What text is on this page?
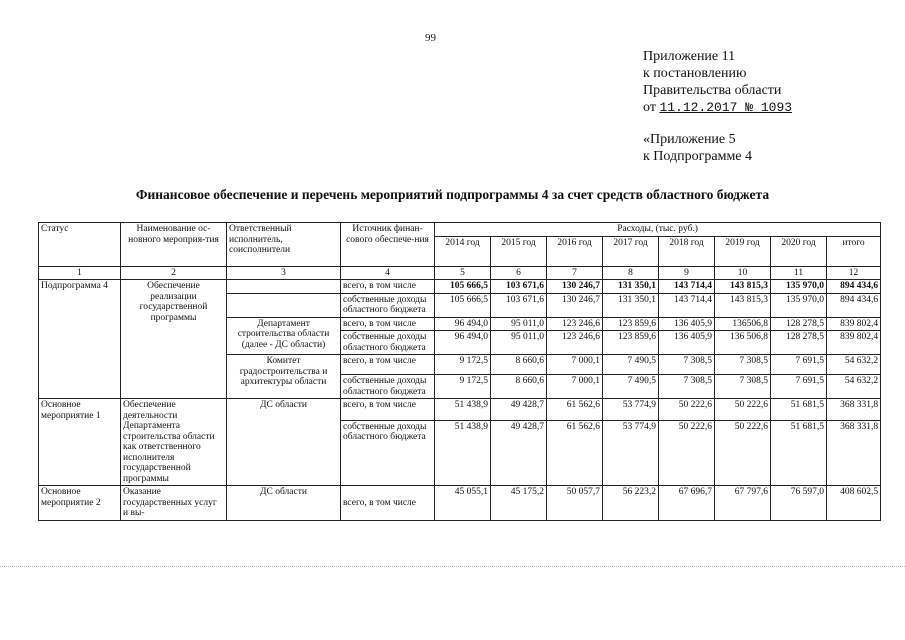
99
Приложение 11
к постановлению
Правительства области
от 11.12.2017 № 1093
«Приложение 5
к Подпрограмме 4
Финансовое обеспечение и перечень мероприятий подпрограммы 4 за счет средств областного бюджета
Статус	Наименование ос-новного мероприя-тия	Ответственный исполнитель, соисполнители	Источник финан-сового обеспече-ния	Расходы, (тыс. руб.)							
				2014 год	2015 год	2016 год	2017 год	2018 год	2019 год	2020 год	итого
1	2	3	4	5	6	7	8	9	10	11	12
Подпрограмма 4	Обеспечение реализации государственной программы		всего, в том числе	105 666,5	103 671,6	130 246,7	131 350,1	143 714,4	143 815,3	135 970,0	894 434,6
			собственные доходы областного бюджета	105 666,5	103 671,6	130 246,7	131 350,1	143 714,4	143 815,3	135 970,0	894 434,6
		Департамент строительства области (далее - ДС области)	всего, в том числе	96 494,0	95 011,0	123 246,6	123 859,6	136 405,9	136506,8	128 278,5	839 802,4
			собственные доходы областного бюджета	96 494,0	95 011,0	123 246,6	123 859,6	136 405,9	136 506,8	128 278,5	839 802,4
		Комитет градостроительства и архитектуры области	всего, в том числе	9 172,5	8 660,6	7 000,1	7 490,5	7 308,5	7 308,5	7 691,5	54 632,2
			собственные доходы областного бюджета	9 172,5	8 660,6	7 000,1	7 490,5	7 308,5	7 308,5	7 691,5	54 632,2
Основное мероприятие 1	Обеспечение деятельности Департамента строительства области как ответственного исполнителя государственной программы	ДС области	всего, в том числе	51 438,9	49 428,7	61 562,6	53 774,9	50 222,6	50 222,6	51 681,5	368 331,8
			собственные доходы областного бюджета	51 438,9	49 428,7	61 562,6	53 774,9	50 222,6	50 222,6	51 681,5	368 331,8
Основное мероприятие 2	Оказание государственных услуг и вы-	ДС области	всего, в том числе	45 055,1	45 175,2	50 057,7	56 223,2	67 696,7	67 797,6	76 597,0	408 602,5
